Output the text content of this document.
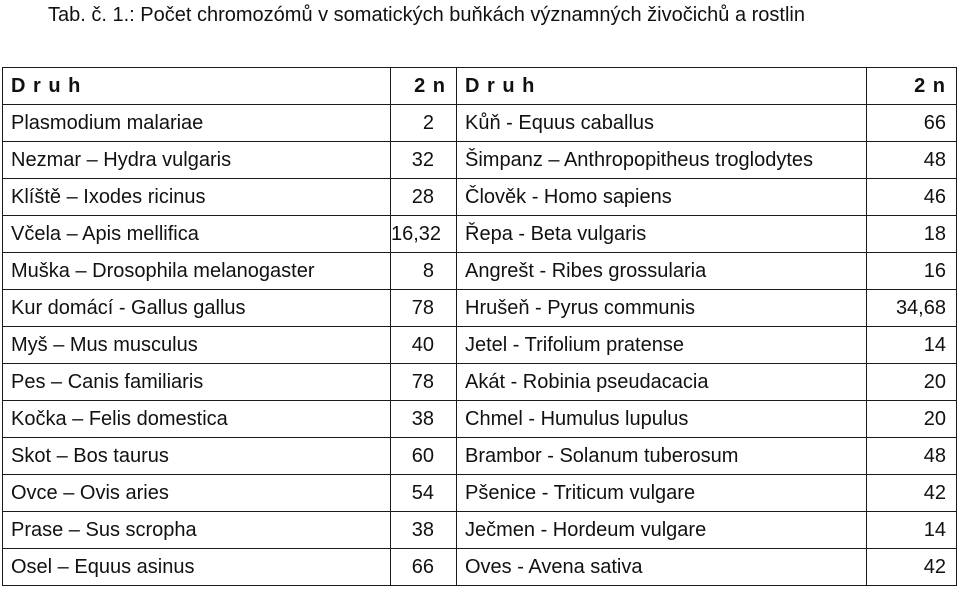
Tab. č. 1.: Počet chromozómů v somatických buňkách významných živočichů a rostlin
D r u h	2 n	D r u h	2 n
Plasmodium malariae	2	Kůň - Equus caballus	66
Nezmar – Hydra vulgaris	32	Šimpanz – Anthropopitheus troglodytes	48
Klíště – Ixodes ricinus	28	Člověk - Homo sapiens	46
Včela – Apis mellifica	16,32	Řepa - Beta vulgaris	18
Muška – Drosophila melanogaster	8	Angrešt - Ribes grossularia	16
Kur domácí - Gallus gallus	78	Hrušeň - Pyrus communis	34,68
Myš – Mus musculus	40	Jetel - Trifolium pratense	14
Pes – Canis familiaris	78	Akát - Robinia pseudacacia	20
Kočka – Felis domestica	38	Chmel - Humulus lupulus	20
Skot – Bos taurus	60	Brambor - Solanum tuberosum	48
Ovce – Ovis aries	54	Pšenice - Triticum vulgare	42
Prase – Sus scropha	38	Ječmen - Hordeum vulgare	14
Osel – Equus asinus	66	Oves - Avena sativa	42
